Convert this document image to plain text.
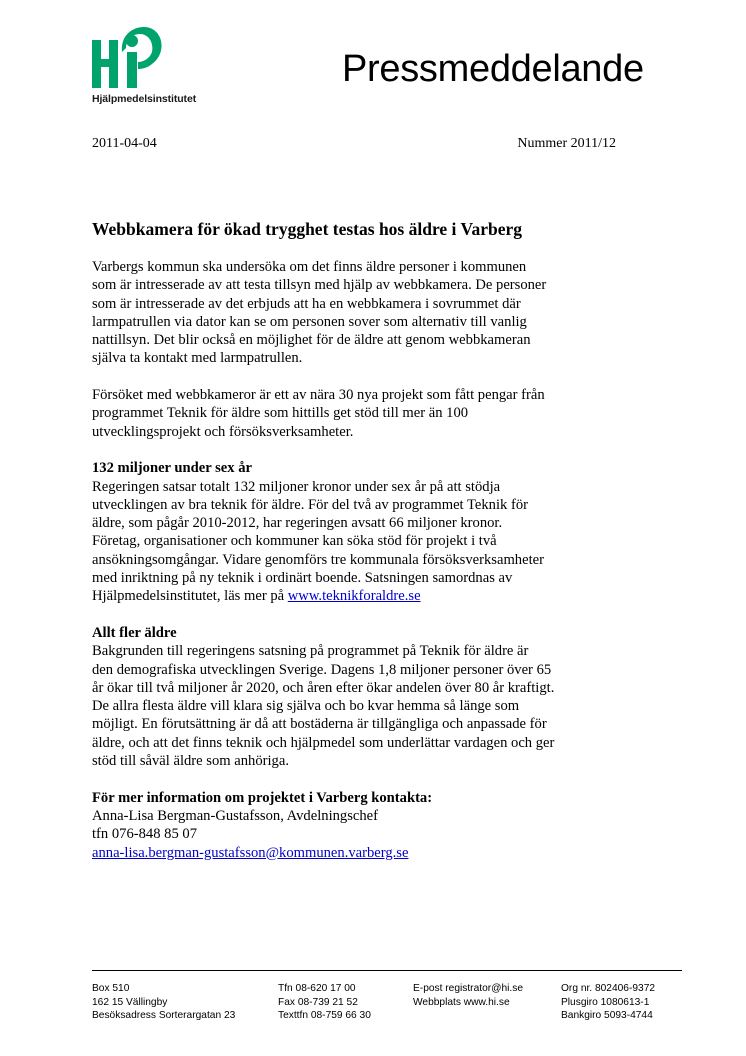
Hjälpmedelsinstitutet
Pressmeddelande
2011-04-04	Nummer 2011/12
Webbkamera för ökad trygghet testas hos äldre i Varberg

Varbergs kommun ska undersöka om det finns äldre personer i kommunen
som är intresserade av att testa tillsyn med hjälp av webbkamera. De personer
som är intresserade av det erbjuds att ha en webbkamera i sovrummet där
larmpatrullen via dator kan se om personen sover som alternativ till vanlig
nattillsyn. Det blir också en möjlighet för de äldre att genom webbkameran
själva ta kontakt med larmpatrullen.

Försöket med webbkameror är ett av nära 30 nya projekt som fått pengar från
programmet Teknik för äldre som hittills get stöd till mer än 100
utvecklingsprojekt och försöksverksamheter.

132 miljoner under sex år

Regeringen satsar totalt 132 miljoner kronor under sex år på att stödja
utvecklingen av bra teknik för äldre. För del två av programmet Teknik för
äldre, som pågår 2010-2012, har regeringen avsatt 66 miljoner kronor.
Företag, organisationer och kommuner kan söka stöd för projekt i två
ansökningsomgångar. Vidare genomförs tre kommunala försöksverksamheter
med inriktning på ny teknik i ordinärt boende. Satsningen samordnas av
Hjälpmedelsinstitutet, läs mer på www.teknikforaldre.se

Allt fler äldre

Bakgrunden till regeringens satsning på programmet på Teknik för äldre är
den demografiska utvecklingen Sverige. Dagens 1,8 miljoner personer över 65
år ökar till två miljoner år 2020, och åren efter ökar andelen över 80 år kraftigt.
De allra flesta äldre vill klara sig själva och bo kvar hemma så länge som
möjligt. En förutsättning är då att bostäderna är tillgängliga och anpassade för
äldre, och att det finns teknik och hjälpmedel som underlättar vardagen och ger
stöd till såväl äldre som anhöriga.

För mer information om projektet i Varberg kontakta:
Anna-Lisa Bergman-Gustafsson, Avdelningschef
tfn 076-848 85 07
anna-lisa.bergman-gustafsson@kommunen.varberg.se
Box 510
162 15 Vällingby
Besöksadress Sorterargatan 23
Tfn 08-620 17 00
Fax 08-739 21 52
Texttfn 08-759 66 30
E-post registrator@hi.se
Webbplats www.hi.se
Org nr. 802406-9372
Plusgiro 1080613-1
Bankgiro 5093-4744
